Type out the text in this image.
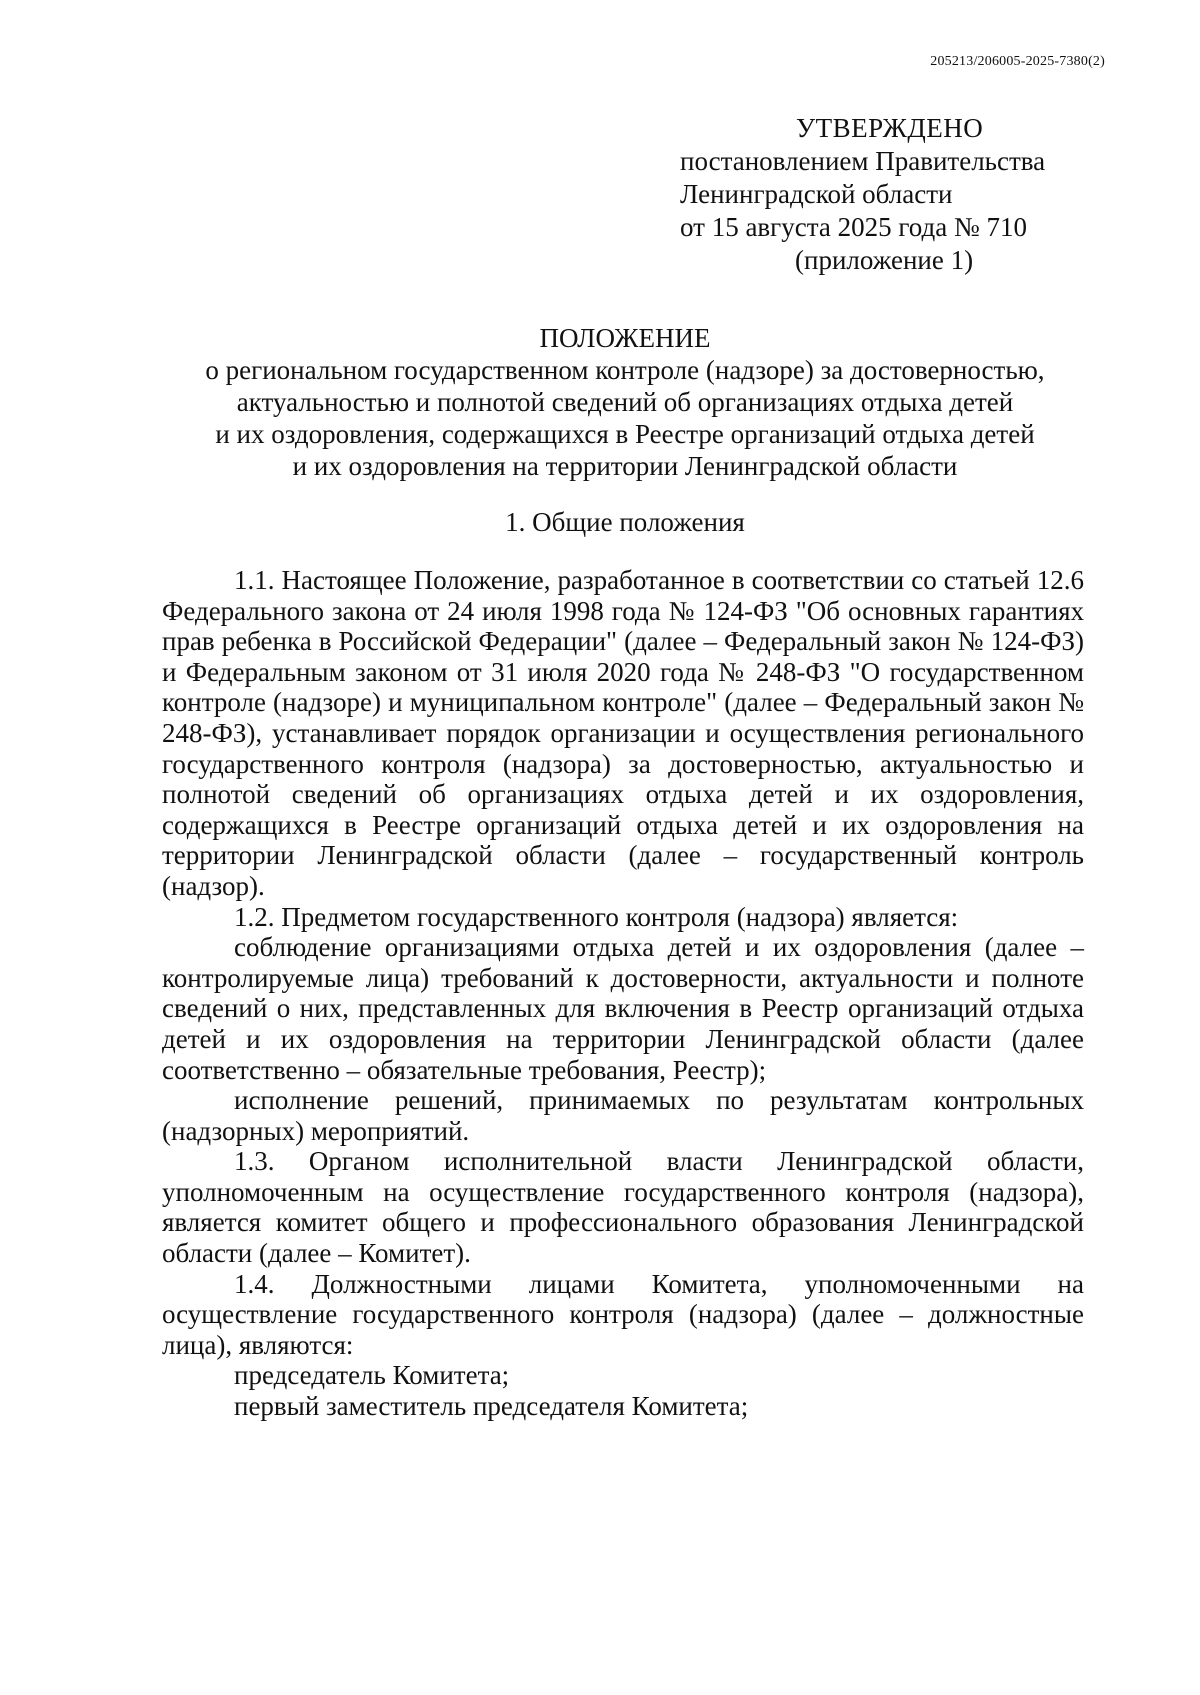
205213/206005-2025-7380(2)
УТВЕРЖДЕНО
постановлением Правительства
Ленинградской области
от 15 августа 2025 года № 710
(приложение 1)
ПОЛОЖЕНИЕ
о региональном государственном контроле (надзоре) за достоверностью,
актуальностью и полнотой сведений об организациях отдыха детей
и их оздоровления, содержащихся в Реестре организаций отдыха детей
и их оздоровления на территории Ленинградской области
1. Общие положения

1.1. Настоящее Положение, разработанное в соответствии со статьей 12.6 Федерального закона от 24 июля 1998 года № 124-ФЗ "Об основных гарантиях прав ребенка в Российской Федерации" (далее – Федеральный закон № 124-ФЗ) и Федеральным законом от 31 июля 2020 года № 248-ФЗ "О государственном контроле (надзоре) и муниципальном контроле" (далее – Федеральный закон № 248-ФЗ), устанавливает порядок организации и осуществления регионального государственного контроля (надзора) за достоверностью, актуальностью и полнотой сведений об организациях отдыха детей и их оздоровления, содержащихся в Реестре организаций отдыха детей и их оздоровления на территории Ленинградской области (далее – государственный контроль (надзор).

1.2. Предметом государственного контроля (надзора) является:

соблюдение организациями отдыха детей и их оздоровления (далее – контролируемые лица) требований к достоверности, актуальности и полноте сведений о них, представленных для включения в Реестр организаций отдыха детей и их оздоровления на территории Ленинградской области (далее соответственно – обязательные требования, Реестр);

исполнение решений, принимаемых по результатам контрольных (надзорных) мероприятий.

1.3. Органом исполнительной власти Ленинградской области, уполномоченным на осуществление государственного контроля (надзора), является комитет общего и профессионального образования Ленинградской области (далее – Комитет).

1.4. Должностными лицами Комитета, уполномоченными на осуществление государственного контроля (надзора) (далее – должностные лица), являются:

председатель Комитета;

первый заместитель председателя Комитета;
